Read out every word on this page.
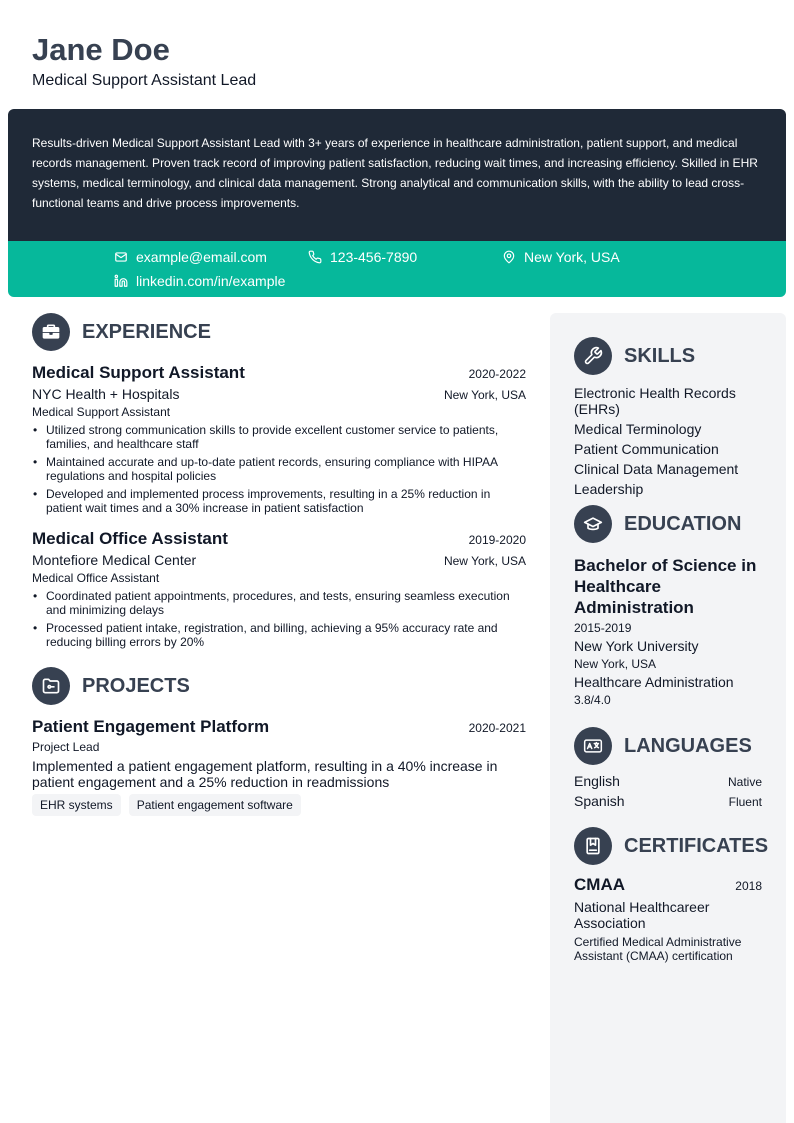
Jane Doe
Medical Support Assistant Lead

Results-driven Medical Support Assistant Lead with 3+ years of experience in healthcare administration, patient support, and medical records management. Proven track record of improving patient satisfaction, reducing wait times, and increasing efficiency. Skilled in EHR systems, medical terminology, and clinical data management. Strong analytical and communication skills, with the ability to lead cross-functional teams and drive process improvements.

example@email.com	123-456-7890	New York, USA
linkedin.com/in/example
EXPERIENCE
Medical Support Assistant	2020-2022
NYC Health + Hospitals	New York, USA
Medical Support Assistant
• Utilized strong communication skills to provide excellent customer service to patients, families, and healthcare staff
• Maintained accurate and up-to-date patient records, ensuring compliance with HIPAA regulations and hospital policies
• Developed and implemented process improvements, resulting in a 25% reduction in patient wait times and a 30% increase in patient satisfaction
Medical Office Assistant	2019-2020
Montefiore Medical Center	New York, USA
Medical Office Assistant
• Coordinated patient appointments, procedures, and tests, ensuring seamless execution and minimizing delays
• Processed patient intake, registration, and billing, achieving a 95% accuracy rate and reducing billing errors by 20%
PROJECTS
Patient Engagement Platform	2020-2021
Project Lead
Implemented a patient engagement platform, resulting in a 40% increase in patient engagement and a 25% reduction in readmissions
EHR systems	Patient engagement software
SKILLS
Electronic Health Records (EHRs)
Medical Terminology
Patient Communication
Clinical Data Management
Leadership
EDUCATION
Bachelor of Science in Healthcare Administration
2015-2019
New York University
New York, USA
Healthcare Administration
3.8/4.0
LANGUAGES
English	Native
Spanish	Fluent
CERTIFICATES
CMAA	2018
National Healthcareer Association
Certified Medical Administrative Assistant (CMAA) certification
